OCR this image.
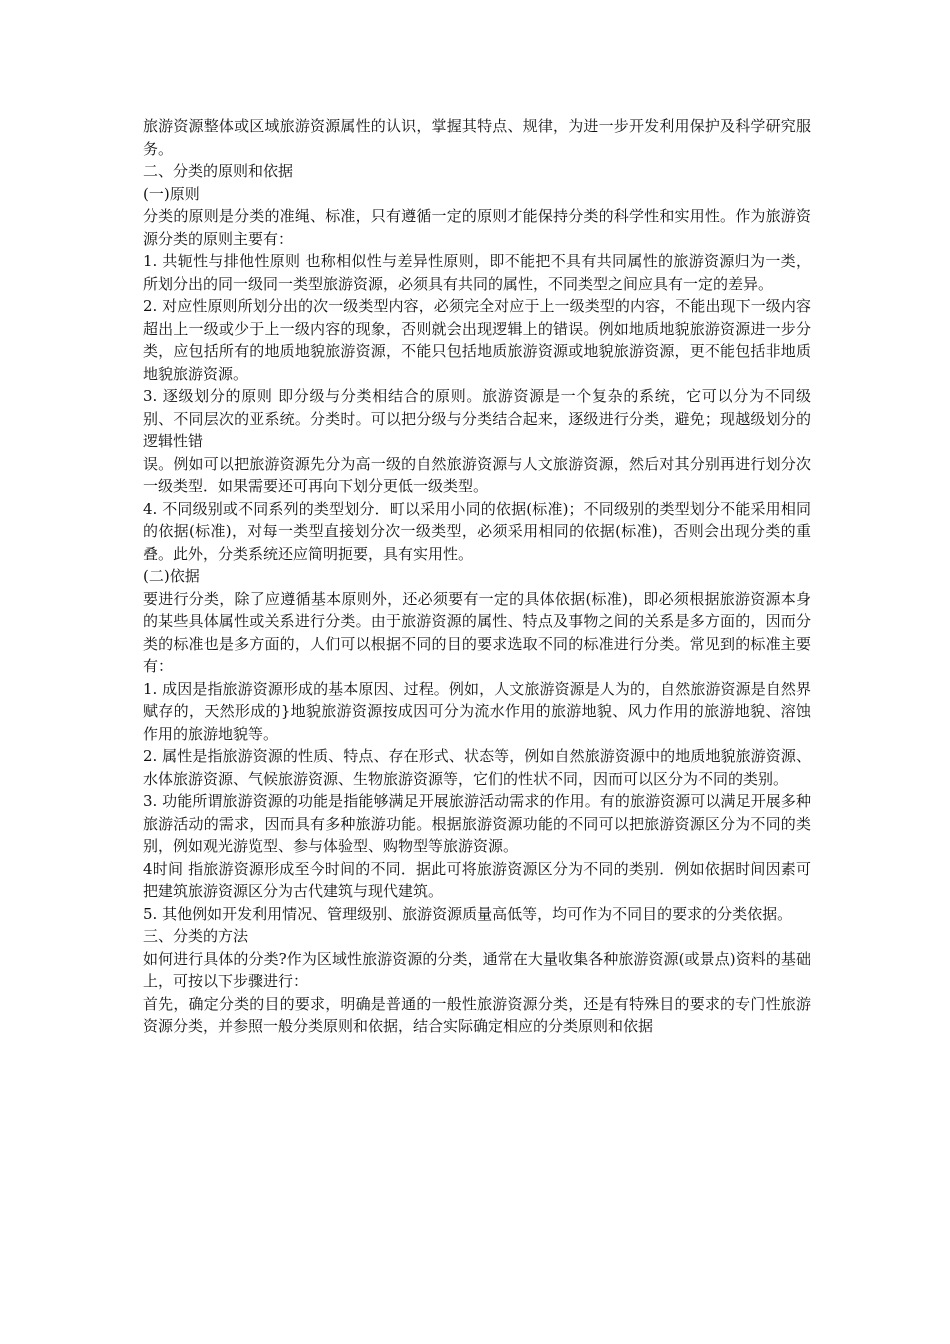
旅游资源整体或区域旅游资源属性的认识，掌握其特点、规律，为进一步开发利用保护及科学研究服务。

二、分类的原则和依据

(一)原则

分类的原则是分类的准绳、标准，只有遵循一定的原则才能保持分类的科学性和实用性。作为旅游资源分类的原则主要有：

1. 共轭性与排他性原则 也称相似性与差异性原则，即不能把不具有共同属性的旅游资源归为一类，所划分出的同一级同一类型旅游资源，必须具有共同的属性，不同类型之间应具有一定的差异。

2. 对应性原则所划分出的次一级类型内容，必须完全对应于上一级类型的内容，不能出现下一级内容超出上一级或少于上一级内容的现象，否则就会出现逻辑上的错误。例如地质地貌旅游资源进一步分类，应包括所有的地质地貌旅游资源，不能只包括地质旅游资源或地貌旅游资源，更不能包括非地质地貌旅游资源。

3. 逐级划分的原则 即分级与分类相结合的原则。旅游资源是一个复杂的系统，它可以分为不同级别、不同层次的亚系统。分类时。可以把分级与分类结合起来，逐级进行分类，避免；现越级划分的逻辑性错

误。例如可以把旅游资源先分为高一级的自然旅游资源与人文旅游资源，然后对其分别再进行划分次一级类型．如果需要还可再向下划分更低一级类型。

4. 不同级别或不同系列的类型划分．町以采用小同的依据(标准)；不同级别的类型划分不能采用相同的依据(标准)，对每一类型直接划分次一级类型，必须采用相同的依据(标准)，否则会出现分类的重叠。此外，分类系统还应简明扼要，具有实用性。

(二)依据

要进行分类，除了应遵循基本原则外，还必须要有一定的具体依据(标准)，即必须根据旅游资源本身的某些具体属性或关系进行分类。由于旅游资源的属性、特点及事物之间的关系是多方面的，因而分类的标准也是多方面的，人们可以根据不同的目的要求选取不同的标准进行分类。常见到的标准主要有：

1. 成因是指旅游资源形成的基本原因、过程。例如，人文旅游资源是人为的，自然旅游资源是自然界赋存的，天然形成的}地貌旅游资源按成因可分为流水作用的旅游地貌、风力作用的旅游地貌、溶蚀作用的旅游地貌等。

2. 属性是指旅游资源的性质、特点、存在形式、状态等，例如自然旅游资源中的地质地貌旅游资源、水体旅游资源、气候旅游资源、生物旅游资源等，它们的性状不同，因而可以区分为不同的类别。

3. 功能所谓旅游资源的功能是指能够满足开展旅游活动需求的作用。有的旅游资源可以满足开展多种旅游活动的需求，因而具有多种旅游功能。根据旅游资源功能的不同可以把旅游资源区分为不同的类别，例如观光游览型、参与体验型、购物型等旅游资源。

4时间 指旅游资源形成至今时间的不同．据此可将旅游资源区分为不同的类别．例如依据时间因素可把建筑旅游资源区分为古代建筑与现代建筑。

5. 其他例如开发利用情况、管理级别、旅游资源质量高低等，均可作为不同目的要求的分类依据。

三、分类的方法

如何进行具体的分类?作为区域性旅游资源的分类，通常在大量收集各种旅游资源(或景点)资料的基础上，可按以下步骤进行：

首先，确定分类的目的要求，明确是普通的一般性旅游资源分类，还是有特殊目的要求的专门性旅游资源分类，并参照一般分类原则和依据，结合实际确定相应的分类原则和依据
